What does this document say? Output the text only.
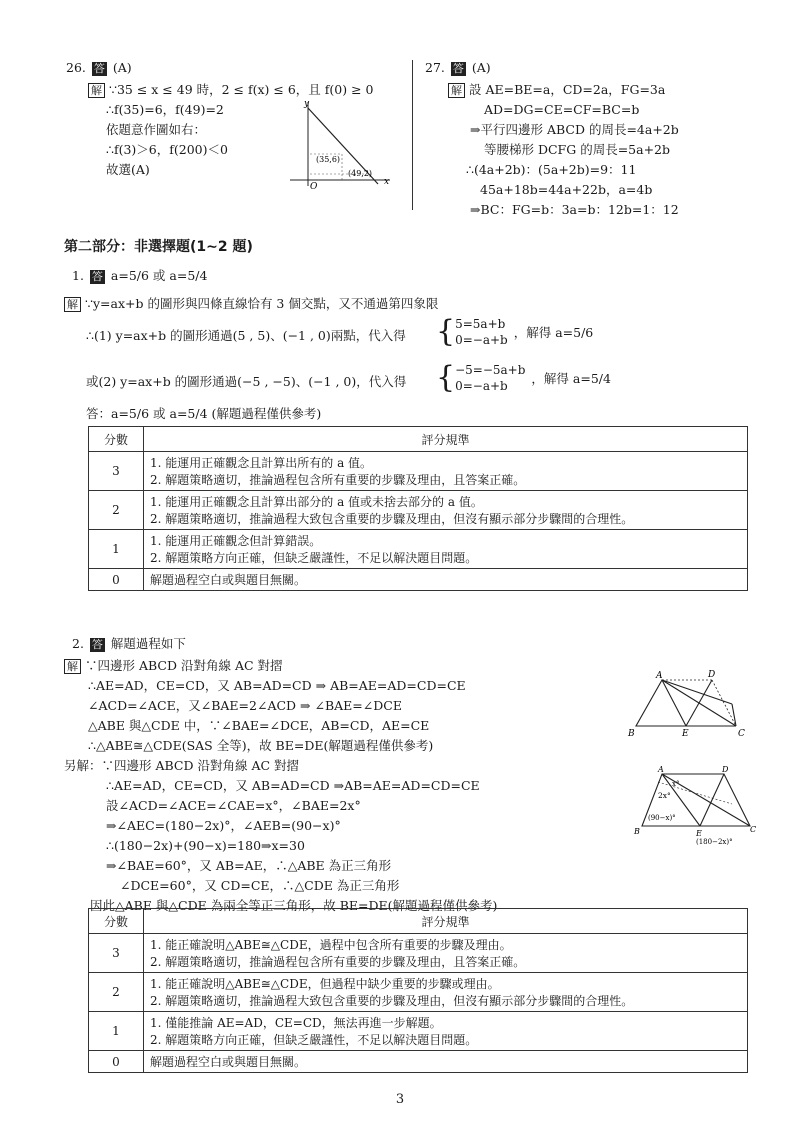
26. 答 (A)
解 ∵35 ≤ x ≤ 49 時，2 ≤ f(x) ≤ 6，且 f(0) ≥ 0
∴f(35)=6，f(49)=2
依題意作圖如右：
∴f(3)＞6，f(200)＜0
故選(A)
y
x
O
(35,6)
(49,2)
27. 答 (A)
解 設 AE=BE=a，CD=2a，FG=3a
AD=DG=CE=CF=BC=b
⇒平行四邊形 ABCD 的周長=4a+2b
等腰梯形 DCFG 的周長=5a+2b
∴(4a+2b)：(5a+2b)=9：11
45a+18b=44a+22b，a=4b
⇒BC：FG=b：3a=b：12b=1：12
第二部分：非選擇題(1∼2 題)
1. 答 a=5/6 或 a=5/4
解 ∵y=ax+b 的圖形與四條直線恰有 3 個交點，又不通過第四象限
∴(1) y=ax+b 的圖形通過(5 , 5)、(−1 , 0)兩點，代入得 { 5=5a+b
0=−a+b ，解得 a=5/6
或(2) y=ax+b 的圖形通過(−5 , −5)、(−1 , 0)，代入得 { −5=−5a+b
0=−a+b	，解得 a=5/4
答：a=5/6 或 a=5/4 (解題過程僅供參考)
分數	評分規準
3	1. 能運用正確觀念且計算出所有的 a 值。
2. 解題策略適切，推論過程包含所有重要的步驟及理由，且答案正確。

2	1. 能運用正確觀念且計算出部分的 a 值或未捨去部分的 a 值。
2. 解題策略適切，推論過程大致包含重要的步驟及理由，但沒有顯示部分步驟間的合理性。

1	1. 能運用正確觀念但計算錯誤。
2. 解題策略方向正確，但缺乏嚴謹性，不足以解決題目問題。

0	解題過程空白或與題目無關。
2. 答 解題過程如下
解 ∵四邊形 ABCD 沿對角線 AC 對摺
∴AE=AD，CE=CD，又 AB=AD=CD ⇒ AB=AE=AD=CD=CE
∠ACD=∠ACE，又∠BAE=2∠ACD ⇒ ∠BAE=∠DCE
△ABE 與△CDE 中，∵∠BAE=∠DCE，AB=CD，AE=CE
∴△ABE≅△CDE(SAS 全等)，故 BE=DE(解題過程僅供參考)
另解：∵四邊形 ABCD 沿對角線 AC 對摺
∴AE=AD，CE=CD，又 AB=AD=CD ⇒AB=AE=AD=CD=CE
設∠ACD=∠ACE=∠CAE=x°，∠BAE=2x°
⇒∠AEC=(180−2x)°，∠AEB=(90−x)°
∴(180−2x)+(90−x)=180⇒x=30
⇒∠BAE=60°，又 AB=AE，∴△ABE 為正三角形
∠DCE=60°，又 CD=CE，∴△CDE 為正三角形
因此△ABE 與△CDE 為兩全等正三角形，故 BE=DE(解題過程僅供參考)
A
B	C
D
E
A
B	C
D
E
2x°
x°
(90−x)°
(180−2x)°
分數	評分規準
3	1. 能正確說明△ABE≅△CDE，過程中包含所有重要的步驟及理由。
2. 解題策略適切，推論過程包含所有重要的步驟及理由，且答案正確。

2	1. 能正確說明△ABE≅△CDE，但過程中缺少重要的步驟或理由。
2. 解題策略適切，推論過程大致包含重要的步驟及理由，但沒有顯示部分步驟間的合理性。

1	1. 僅能推論 AE=AD，CE=CD，無法再進一步解題。
2. 解題策略方向正確，但缺乏嚴謹性，不足以解決題目問題。

0	解題過程空白或與題目無關。
3
